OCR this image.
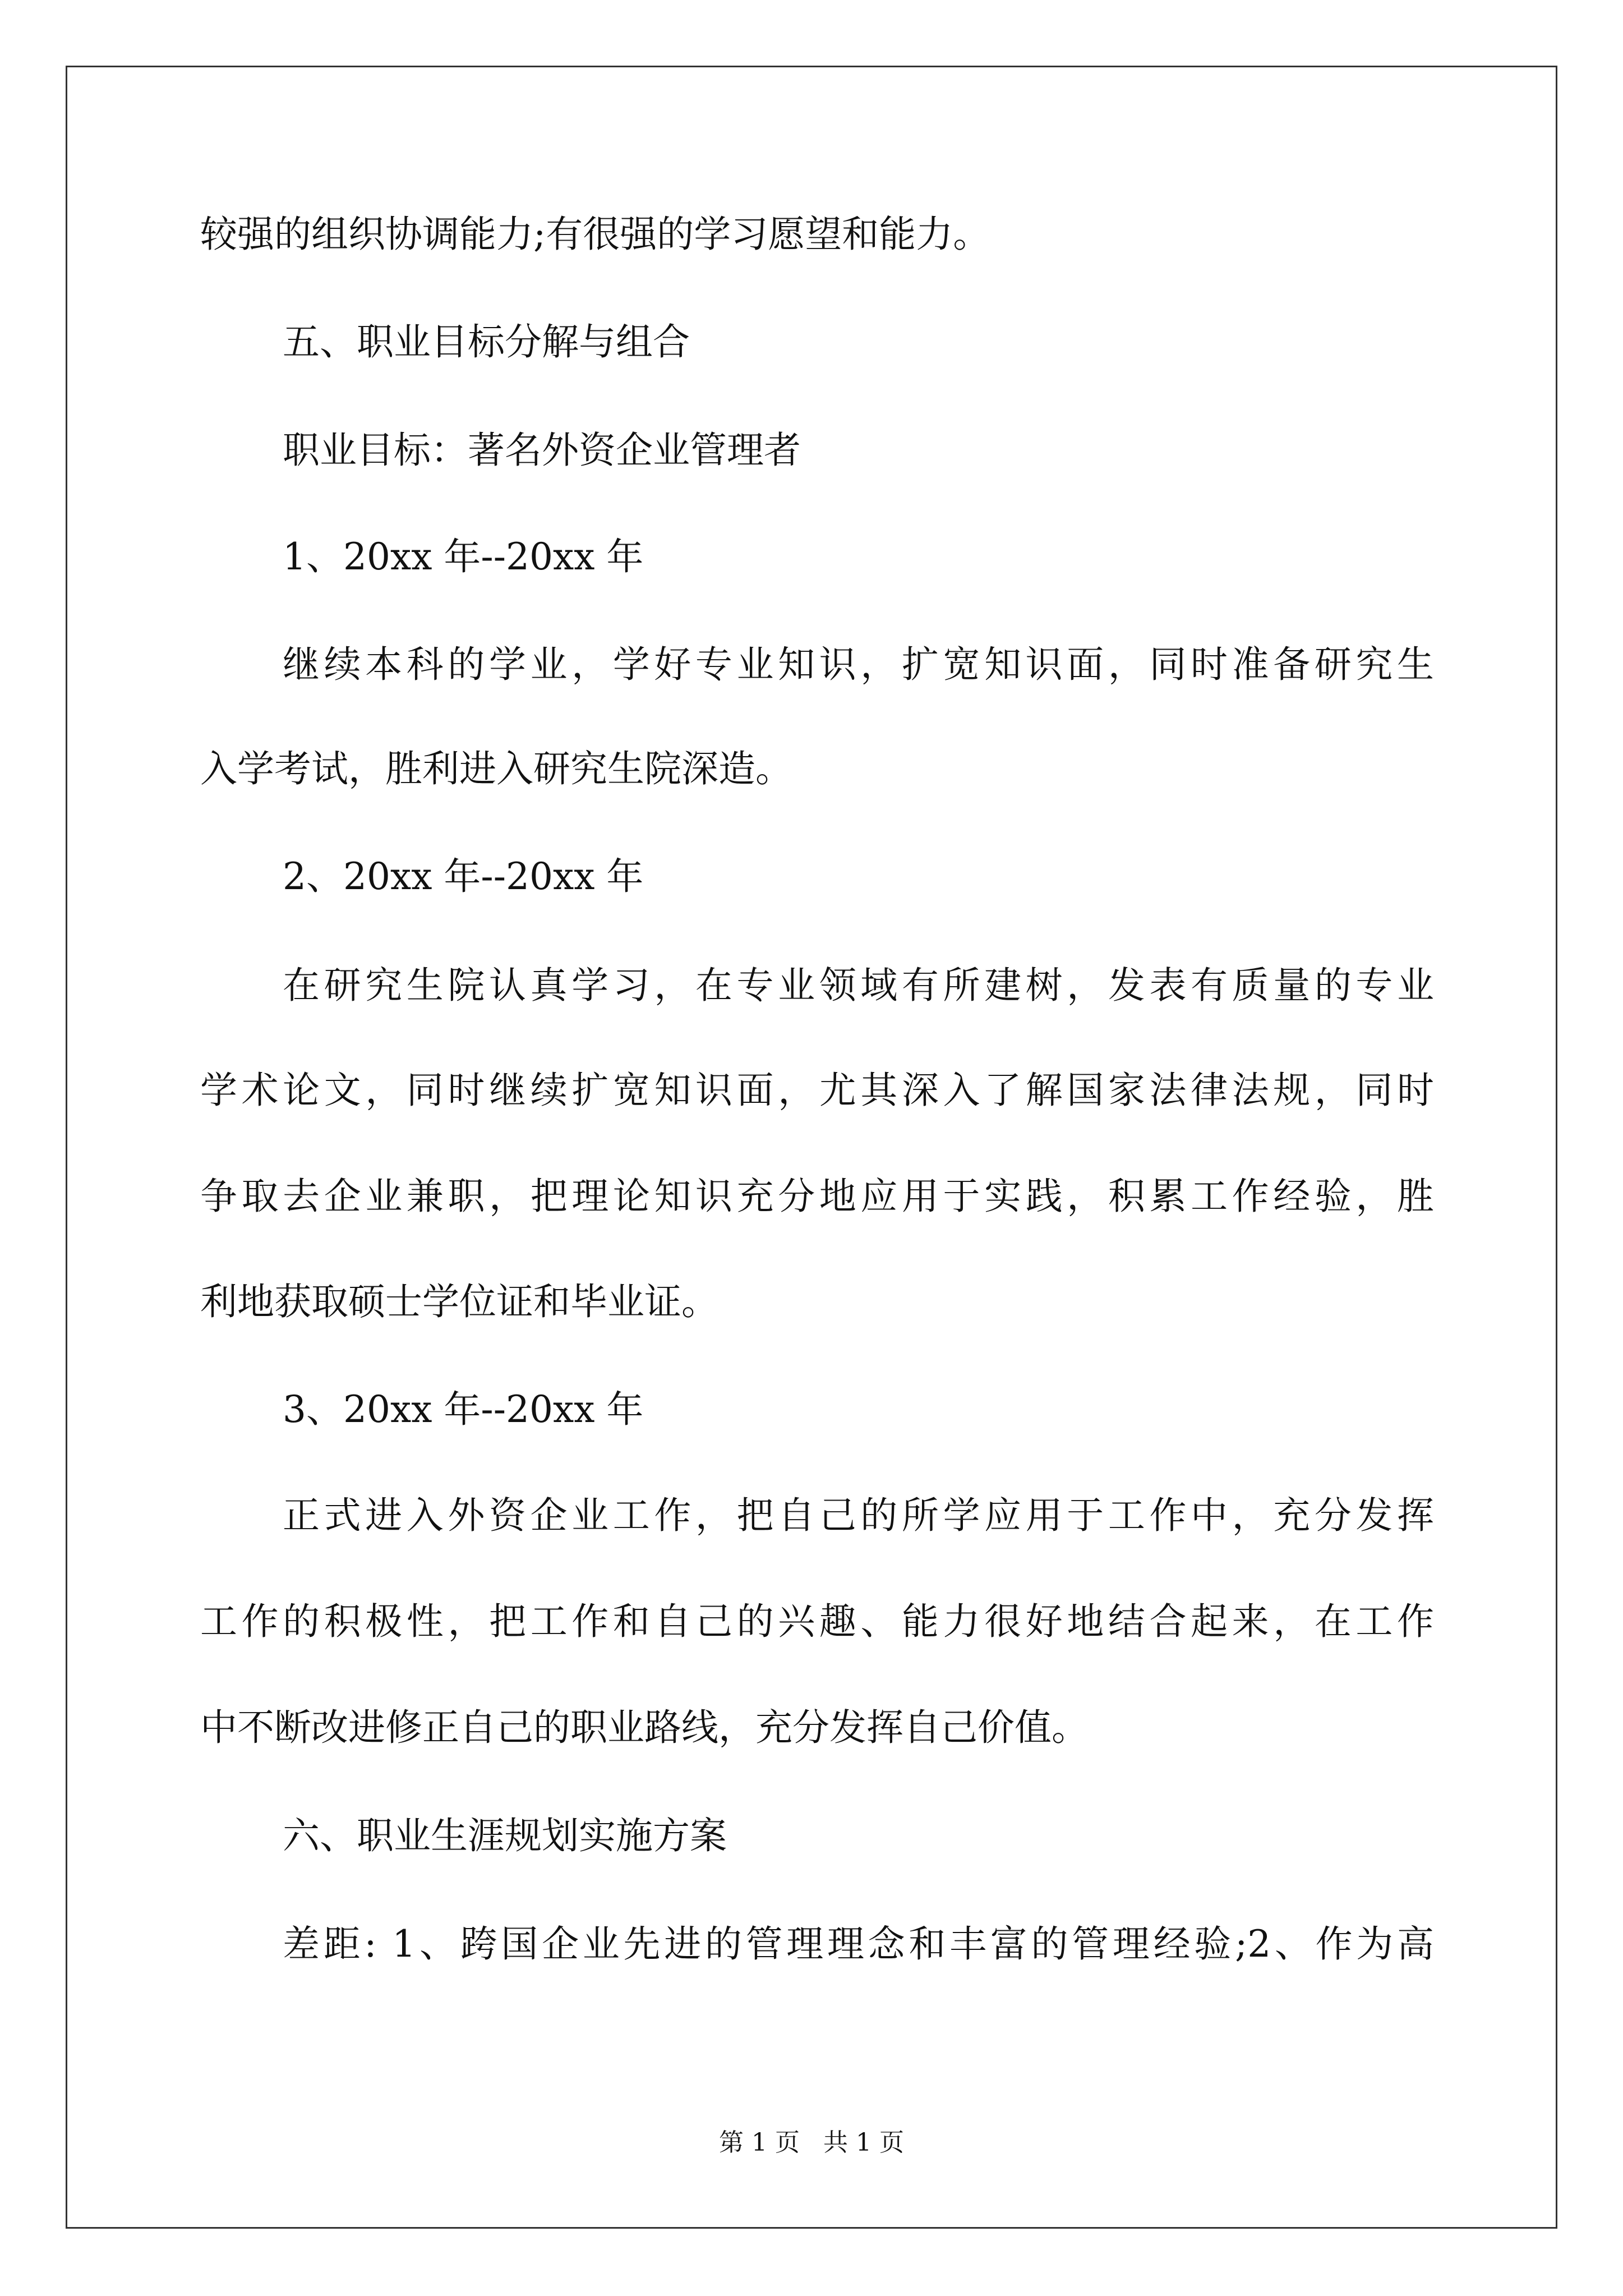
较强的组织协调能力;有很强的学习愿望和能力。
五、职业目标分解与组合
职业目标：著名外资企业管理者
1、20xx 年--20xx 年
继续本科的学业，学好专业知识，扩宽知识面，同时准备研究生
入学考试，胜利进入研究生院深造。
2、20xx 年--20xx 年
在研究生院认真学习，在专业领域有所建树，发表有质量的专业
学术论文，同时继续扩宽知识面，尤其深入了解国家法律法规，同时
争取去企业兼职，把理论知识充分地应用于实践，积累工作经验，胜
利地获取硕士学位证和毕业证。
3、20xx 年--20xx 年
正式进入外资企业工作，把自己的所学应用于工作中，充分发挥
工作的积极性，把工作和自己的兴趣、能力很好地结合起来，在工作
中不断改进修正自己的职业路线，充分发挥自己价值。
六、职业生涯规划实施方案
差距: 1、跨国企业先进的管理理念和丰富的管理经验;2、作为高
第 1 页   共 1 页
